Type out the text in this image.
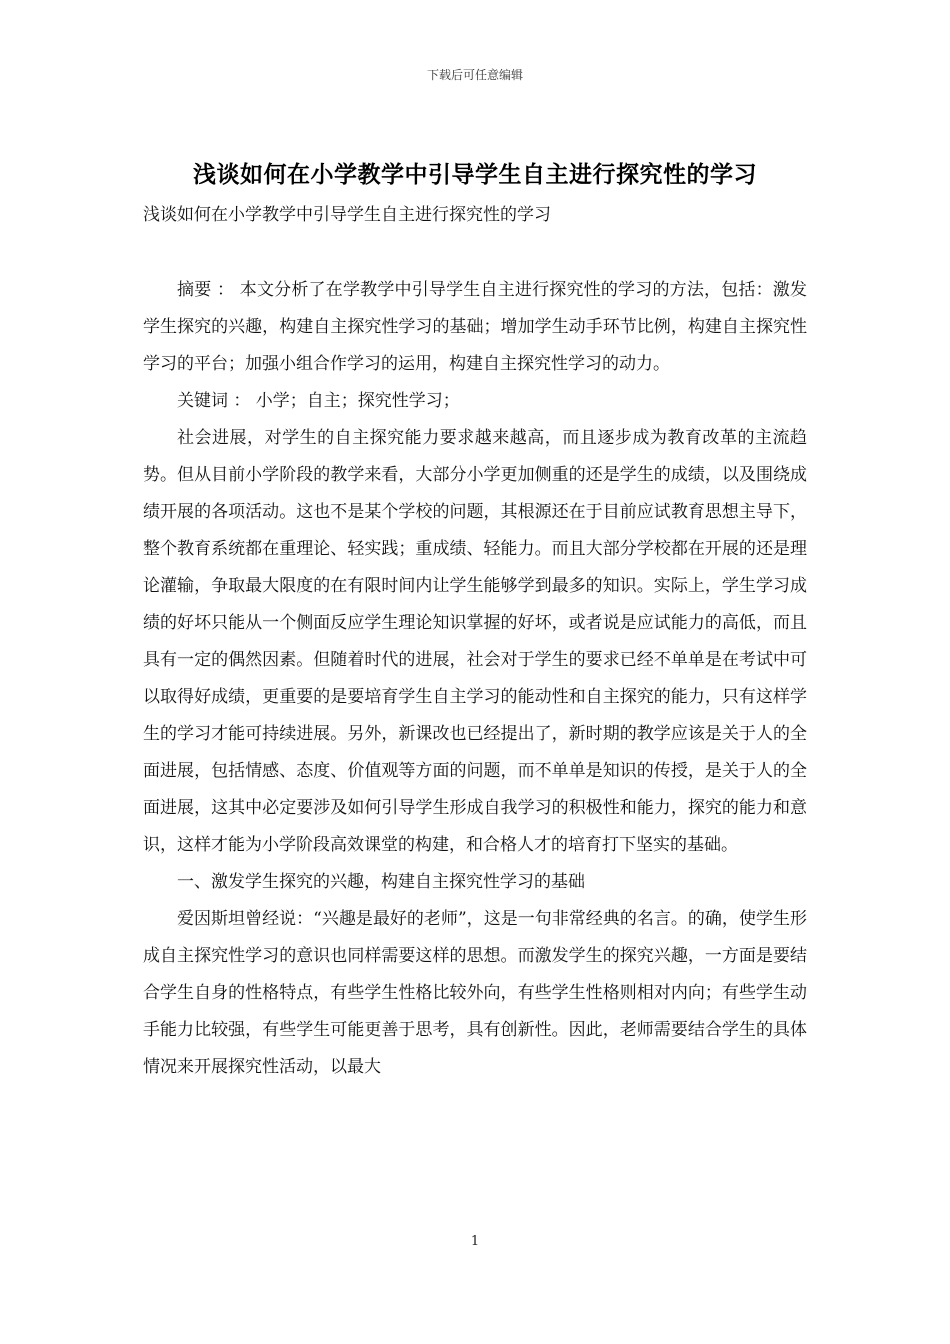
下载后可任意编辑
浅谈如何在小学教学中引导学生自主进行探究性的学习
浅谈如何在小学教学中引导学生自主进行探究性的学习

摘要 ： 本文分析了在学教学中引导学生自主进行探究性的学习的方法，包括：激发学生探究的兴趣，构建自主探究性学习的基础；增加学生动手环节比例，构建自主探究性学习的平台；加强小组合作学习的运用，构建自主探究性学习的动力。

关键词 ： 小学；自主；探究性学习；

社会进展，对学生的自主探究能力要求越来越高，而且逐步成为教育改革的主流趋势。但从目前小学阶段的教学来看，大部分小学更加侧重的还是学生的成绩，以及围绕成绩开展的各项活动。这也不是某个学校的问题，其根源还在于目前应试教育思想主导下，整个教育系统都在重理论、轻实践；重成绩、轻能力。而且大部分学校都在开展的还是理论灌输，争取最大限度的在有限时间内让学生能够学到最多的知识。实际上，学生学习成绩的好坏只能从一个侧面反应学生理论知识掌握的好坏，或者说是应试能力的高低，而且具有一定的偶然因素。但随着时代的进展，社会对于学生的要求已经不单单是在考试中可以取得好成绩，更重要的是要培育学生自主学习的能动性和自主探究的能力，只有这样学生的学习才能可持续进展。另外，新课改也已经提出了，新时期的教学应该是关于人的全面进展，包括情感、态度、价值观等方面的问题，而不单单是知识的传授，是关于人的全面进展，这其中必定要涉及如何引导学生形成自我学习的积极性和能力，探究的能力和意识，这样才能为小学阶段高效课堂的构建，和合格人才的培育打下坚实的基础。

一、激发学生探究的兴趣，构建自主探究性学习的基础

爱因斯坦曾经说：“兴趣是最好的老师”，这是一句非常经典的名言。的确，使学生形成自主探究性学习的意识也同样需要这样的思想。而激发学生的探究兴趣，一方面是要结合学生自身的性格特点，有些学生性格比较外向，有些学生性格则相对内向；有些学生动手能力比较强，有些学生可能更善于思考，具有创新性。因此，老师需要结合学生的具体情况来开展探究性活动，以最大

1
